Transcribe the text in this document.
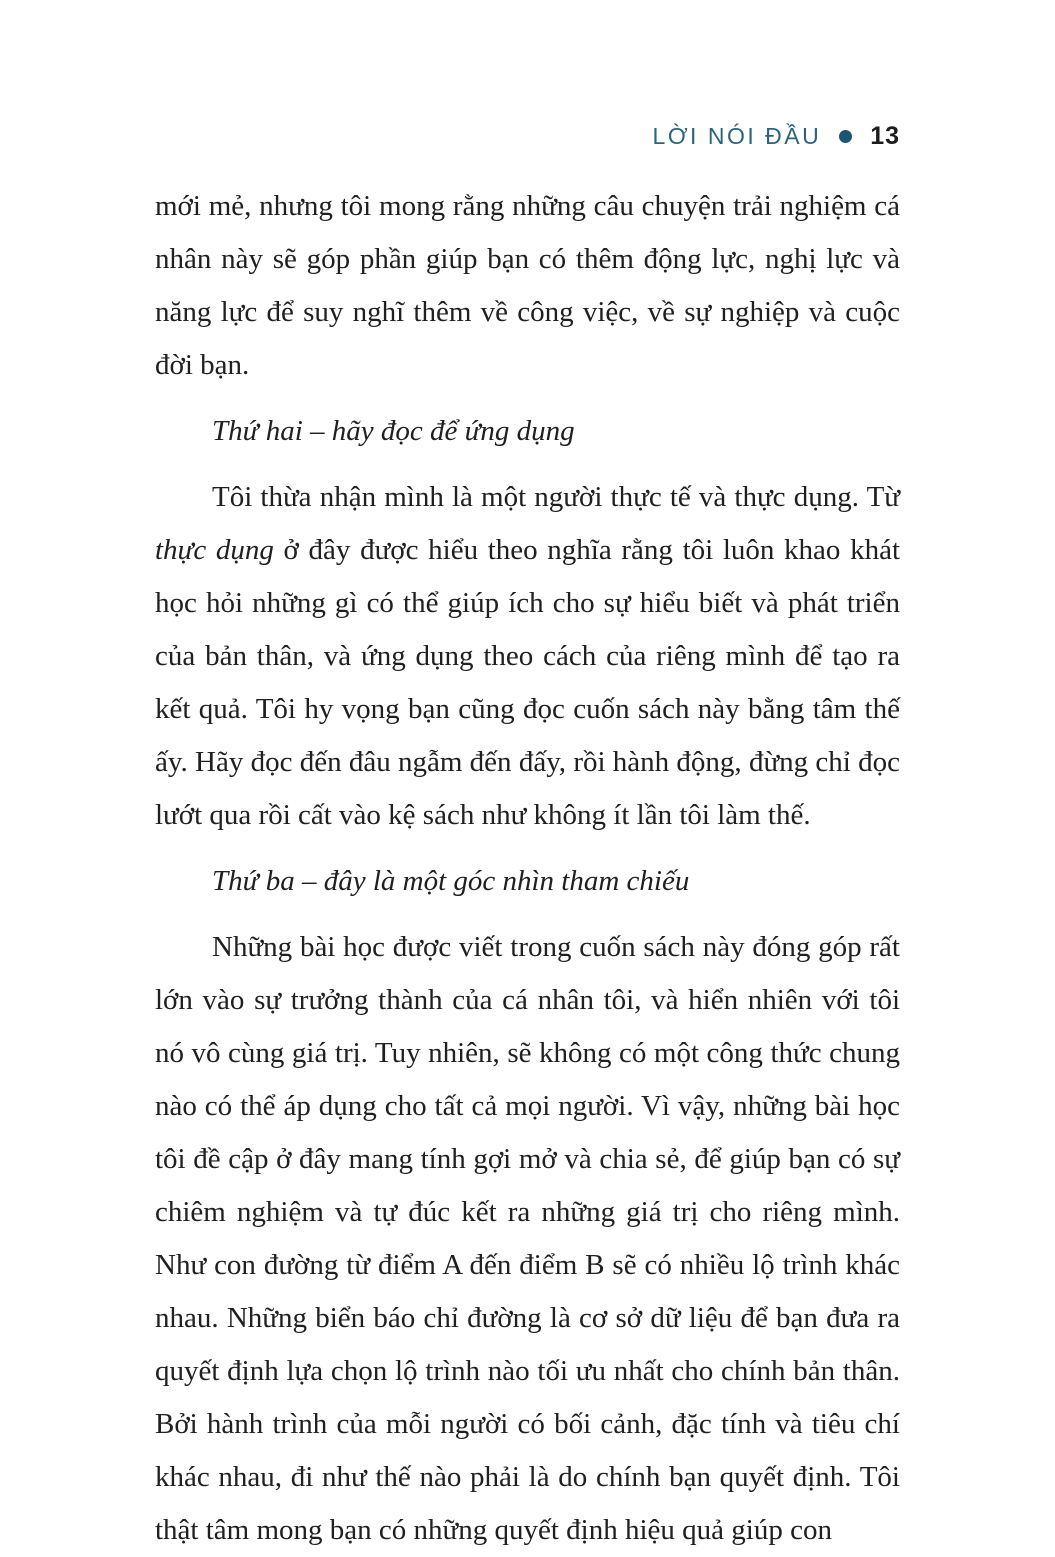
LỜI NÓI ĐẦU 13

mới mẻ, nhưng tôi mong rằng những câu chuyện trải nghiệm cá nhân này sẽ góp phần giúp bạn có thêm động lực, nghị lực và năng lực để suy nghĩ thêm về công việc, về sự nghiệp và cuộc đời bạn.

Thứ hai – hãy đọc để ứng dụng

Tôi thừa nhận mình là một người thực tế và thực dụng. Từ thực dụng ở đây được hiểu theo nghĩa rằng tôi luôn khao khát học hỏi những gì có thể giúp ích cho sự hiểu biết và phát triển của bản thân, và ứng dụng theo cách của riêng mình để tạo ra kết quả. Tôi hy vọng bạn cũng đọc cuốn sách này bằng tâm thế ấy. Hãy đọc đến đâu ngẫm đến đấy, rồi hành động, đừng chỉ đọc lướt qua rồi cất vào kệ sách như không ít lần tôi làm thế.

Thứ ba – đây là một góc nhìn tham chiếu

Những bài học được viết trong cuốn sách này đóng góp rất lớn vào sự trưởng thành của cá nhân tôi, và hiển nhiên với tôi nó vô cùng giá trị. Tuy nhiên, sẽ không có một công thức chung nào có thể áp dụng cho tất cả mọi người. Vì vậy, những bài học tôi đề cập ở đây mang tính gợi mở và chia sẻ, để giúp bạn có sự chiêm nghiệm và tự đúc kết ra những giá trị cho riêng mình. Như con đường từ điểm A đến điểm B sẽ có nhiều lộ trình khác nhau. Những biển báo chỉ đường là cơ sở dữ liệu để bạn đưa ra quyết định lựa chọn lộ trình nào tối ưu nhất cho chính bản thân. Bởi hành trình của mỗi người có bối cảnh, đặc tính và tiêu chí khác nhau, đi như thế nào phải là do chính bạn quyết định. Tôi thật tâm mong bạn có những quyết định hiệu quả giúp con
